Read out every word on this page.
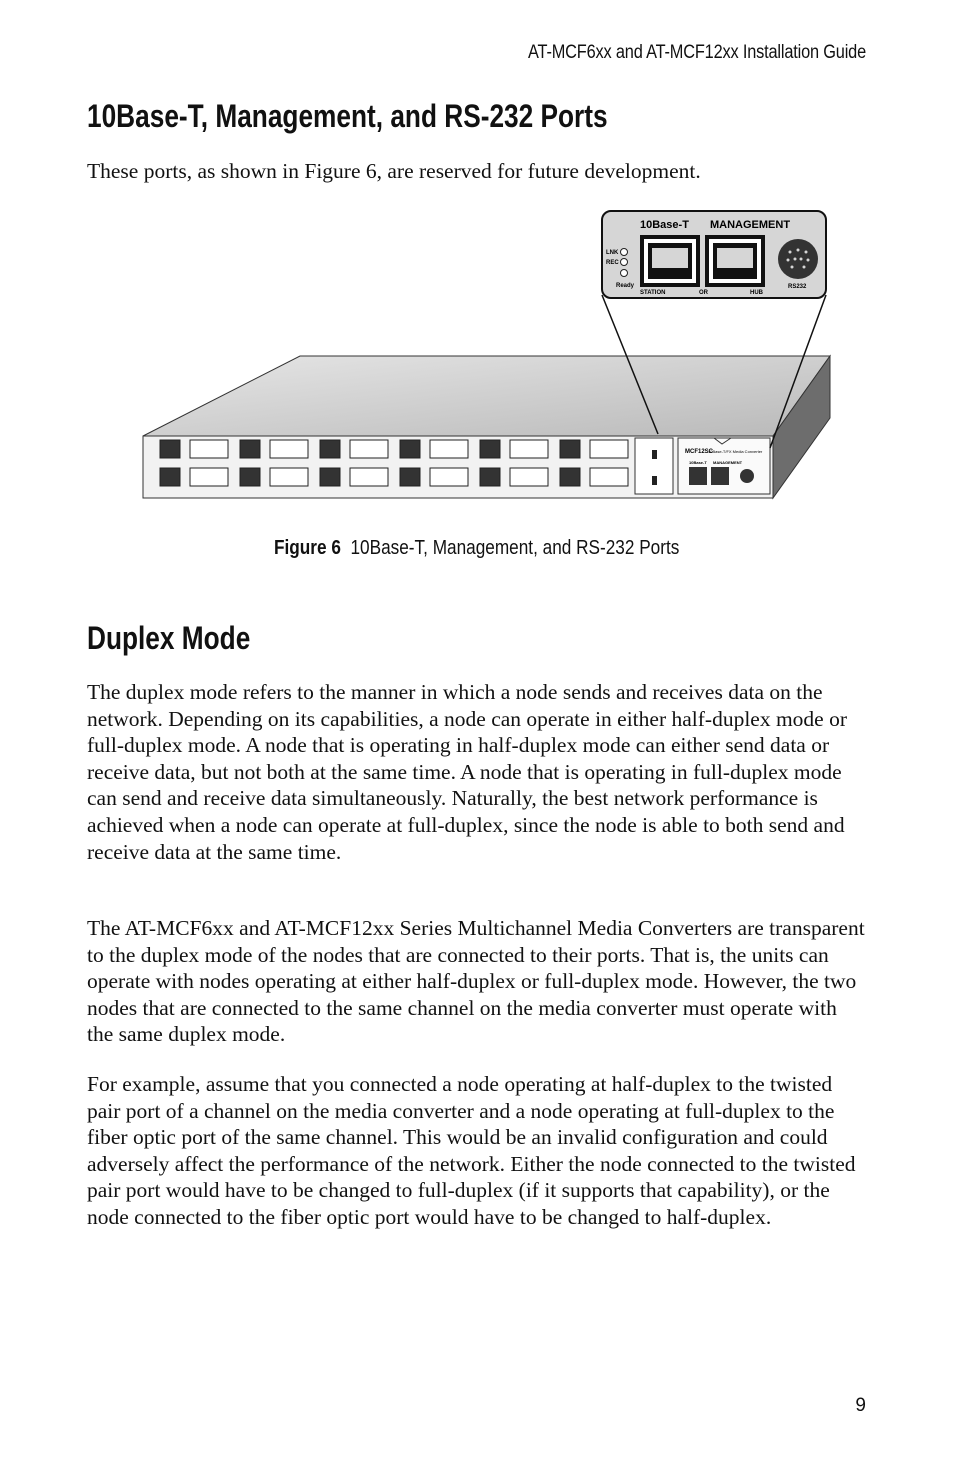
AT-MCF6xx and AT-MCF12xx Installation Guide
10Base-T, Management, and RS-232 Ports

These ports, as shown in Figure 6, are reserved for future development.

MCF12SC
10Base-T/FX Media Converter
10Base-T MANAGEMENT
10Base-T MANAGEMENT
LNK
REC
Ready
STATION	OR	HUB
RS232
Figure 6 10Base-T, Management, and RS-232 Ports
Duplex Mode

The duplex mode refers to the manner in which a node sends and receives data on the network. Depending on its capabilities, a node can operate in either half-duplex mode or full-duplex mode. A node that is operating in half-duplex mode can either send data or receive data, but not both at the same time. A node that is operating in full-duplex mode can send and receive data simultaneously. Naturally, the best network performance is achieved when a node can operate at full-duplex, since the node is able to both send and receive data at the same time.

The AT-MCF6xx and AT-MCF12xx Series Multichannel Media Converters are transparent to the duplex mode of the nodes that are connected to their ports. That is, the units can operate with nodes operating at either half-duplex or full-duplex mode. However, the two nodes that are connected to the same channel on the media converter must operate with the same duplex mode.

For example, assume that you connected a node operating at half-duplex to the twisted pair port of a channel on the media converter and a node operating at full-duplex to the fiber optic port of the same channel. This would be an invalid configuration and could adversely affect the performance of the network. Either the node connected to the twisted pair port would have to be changed to full-duplex (if it supports that capability), or the node connected to the fiber optic port would have to be changed to half-duplex.

9
